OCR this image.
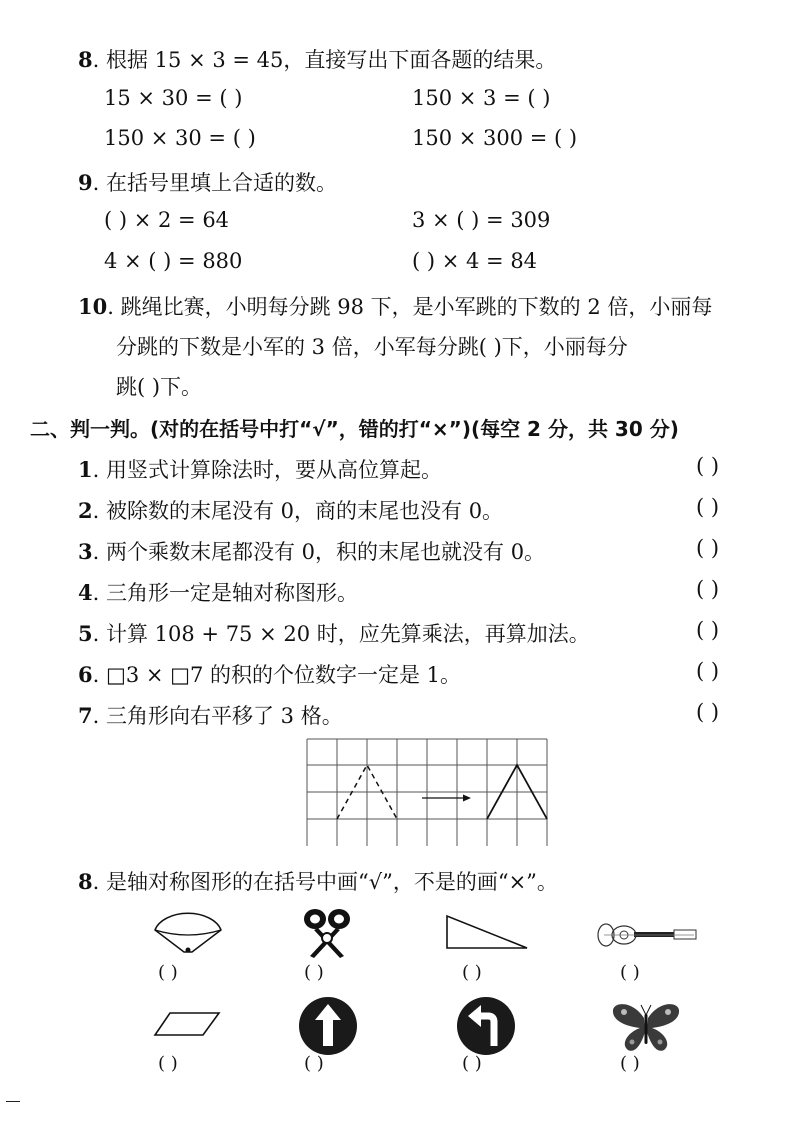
8. 根据 15 × 3 = 45，直接写出下面各题的结果。
15 × 30 = ( )	150 × 3 = ( )
150 × 30 = ( )	150 × 300 = ( )
9. 在括号里填上合适的数。
( ) × 2 = 64	3 × ( ) = 309
4 × ( ) = 880	( ) × 4 = 84
10. 跳绳比赛，小明每分跳 98 下，是小军跳的下数的 2 倍，小丽每
分跳的下数是小军的 3 倍，小军每分跳( )下，小丽每分
跳( )下。
二、判一判。(对的在括号中打“√”，错的打“×”)(每空 2 分，共 30 分)
1. 用竖式计算除法时，要从高位算起。	( )
2. 被除数的末尾没有 0，商的末尾也没有 0。	( )
3. 两个乘数末尾都没有 0，积的末尾也就没有 0。	( )
4. 三角形一定是轴对称图形。	( )
5. 计算 108 + 75 × 20 时，应先算乘法，再算加法。	( )
6. □3 × □7 的积的个位数字一定是 1。	( )
7. 三角形向右平移了 3 格。	( )
8. 是轴对称图形的在括号中画“√”，不是的画“×”。
( )	( )	( )	( )
( )	( )	( )	( )
